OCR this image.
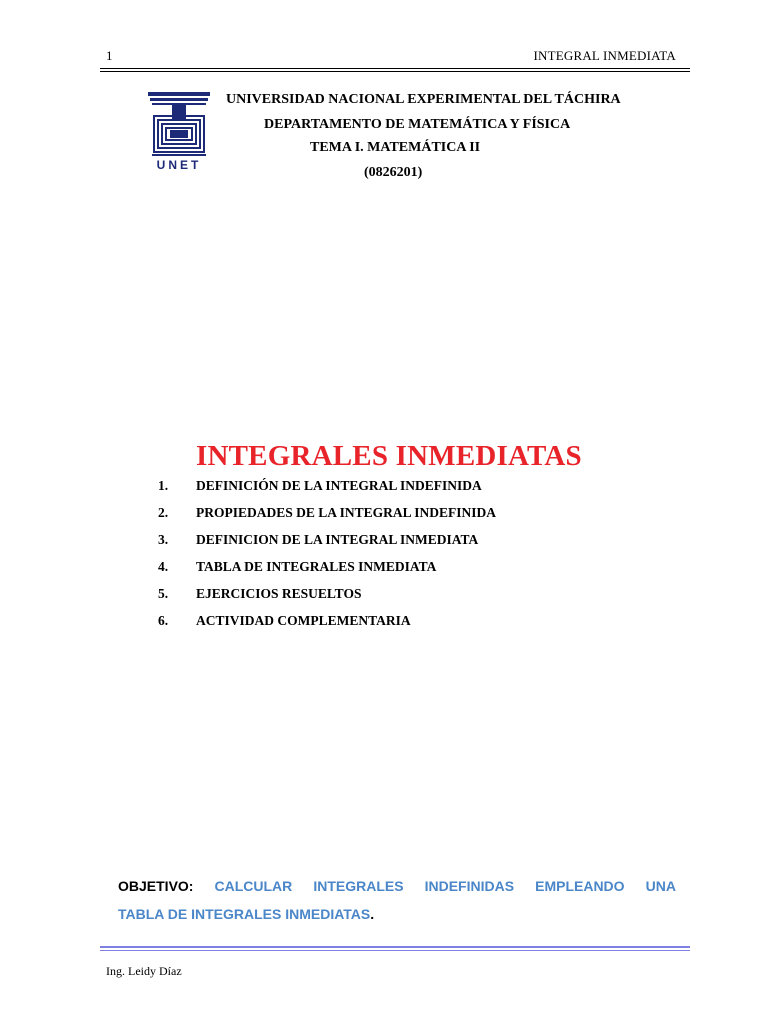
1	INTEGRAL INMEDIATA
UNET
UNIVERSIDAD NACIONAL EXPERIMENTAL DEL TÁCHIRA
DEPARTAMENTO DE MATEMÁTICA Y FÍSICA
TEMA I. MATEMÁTICA II
(0826201)
INTEGRALES INMEDIATAS
1.	DEFINICIÓN DE LA INTEGRAL INDEFINIDA
2.	PROPIEDADES DE LA INTEGRAL INDEFINIDA
3.	DEFINICION DE LA INTEGRAL INMEDIATA
4.	TABLA DE INTEGRALES INMEDIATA
5.	EJERCICIOS RESUELTOS
6.	ACTIVIDAD COMPLEMENTARIA
OBJETIVO: CALCULAR INTEGRALES INDEFINIDAS EMPLEANDO UNA
TABLA DE INTEGRALES INMEDIATAS.
Ing. Leidy Díaz
